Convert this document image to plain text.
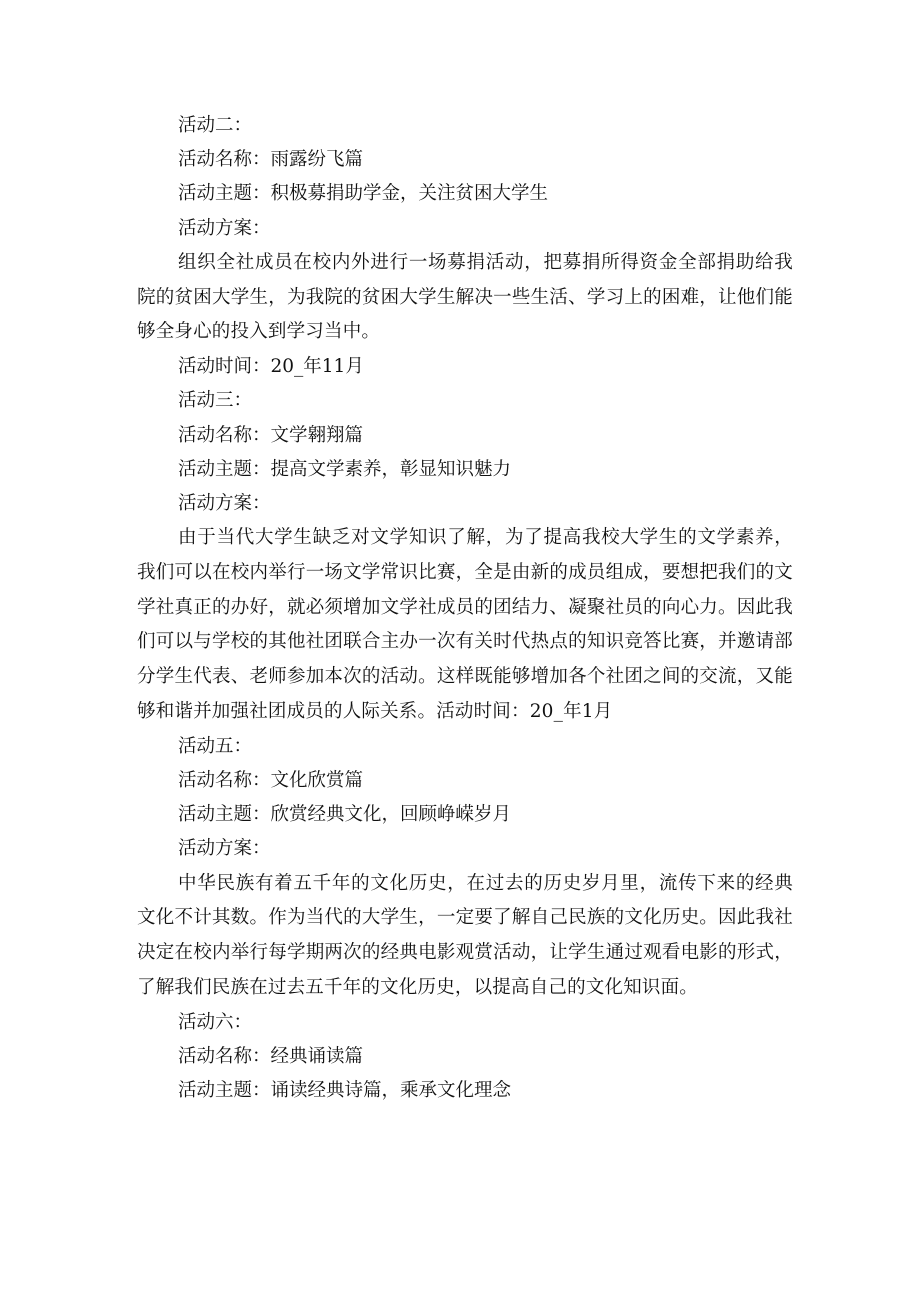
活动二：

活动名称：雨露纷飞篇

活动主题：积极募捐助学金，关注贫困大学生

活动方案：

组织全社成员在校内外进行一场募捐活动，把募捐所得资金全部捐助给我院的贫困大学生，为我院的贫困大学生解决一些生活、学习上的困难，让他们能够全身心的投入到学习当中。

活动时间：20_年11月

活动三：

活动名称：文学翱翔篇

活动主题：提高文学素养，彰显知识魅力

活动方案：

由于当代大学生缺乏对文学知识了解，为了提高我校大学生的文学素养，我们可以在校内举行一场文学常识比赛，全是由新的成员组成，要想把我们的文学社真正的办好，就必须增加文学社成员的团结力、凝聚社员的向心力。因此我们可以与学校的其他社团联合主办一次有关时代热点的知识竞答比赛，并邀请部分学生代表、老师参加本次的活动。这样既能够增加各个社团之间的交流，又能够和谐并加强社团成员的人际关系。活动时间：20_年1月

活动五：

活动名称：文化欣赏篇

活动主题：欣赏经典文化，回顾峥嵘岁月

活动方案：

中华民族有着五千年的文化历史，在过去的历史岁月里，流传下来的经典文化不计其数。作为当代的大学生，一定要了解自己民族的文化历史。因此我社决定在校内举行每学期两次的经典电影观赏活动，让学生通过观看电影的形式，了解我们民族在过去五千年的文化历史，以提高自己的文化知识面。

活动六：

活动名称：经典诵读篇

活动主题：诵读经典诗篇，乘承文化理念
